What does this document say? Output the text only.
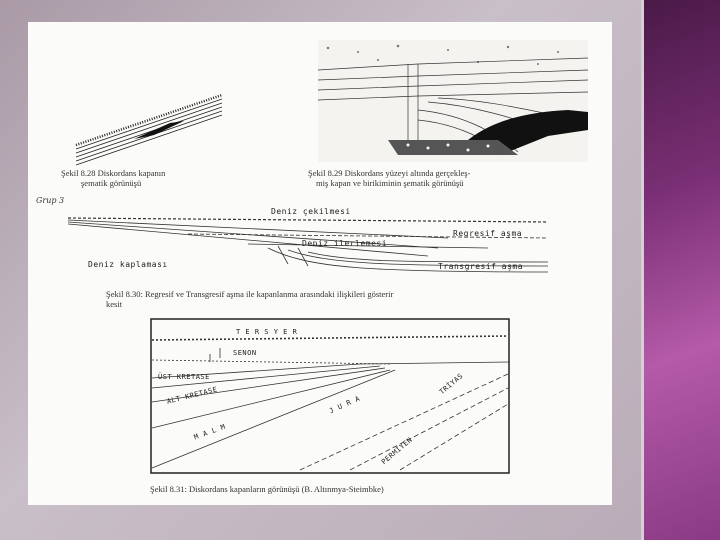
Şekil 8.28 Diskordans kapanın
şematik görünüşü
Şekil 8.29 Diskordans yüzeyi altında gerçekleş-
miş kapan ve birikiminin şematik görünüşü
Grup 3
Deniz çekilmesi
Regresif aşma
Deniz ilerlemesi
Deniz kaplaması	Transgresif aşma
Şekil 8.30: Regresif ve Transgresif aşma ile kapanlanma arasındaki ilişkileri gösterir
kesit
T E R S Y E R
SENON
ÜST KRETASE
ALT KRETASE
M A L M
J U R A
TRİYAS
PERMİYEN
Şekil 8.31: Diskordans kapanların görünüşü (B. Altınmya-Steimbke)
